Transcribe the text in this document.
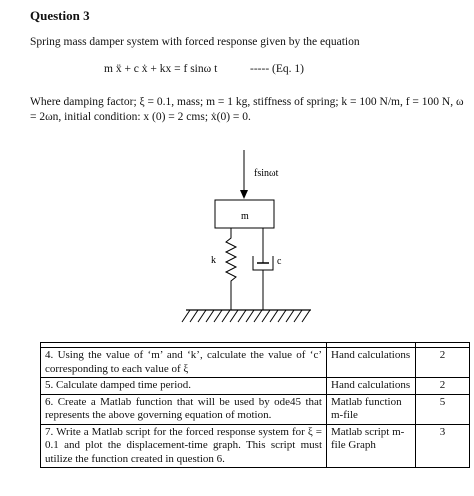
Question 3
Spring mass damper system with forced response given by the equation
m ẍ + c ẋ + kx = f sinω t	----- (Eq. 1)
Where damping factor; ξ = 0.1, mass; m = 1 kg, stiffness of spring; k = 100 N/m, f = 100 N, ω
= 2ωn, initial condition: x (0) = 2 cms; ẋ(0) = 0.
fsinωt
m
k	c

4. Using the value of ‘m’ and ‘k’, calculate the value of ‘c’ corresponding to each value of ξ	Hand calculations	2
5. Calculate damped time period.	Hand calculations	2
6. Create a Matlab function that will be used by ode45 that represents the above governing equation of motion.	Matlab function m-file	5
7. Write a Matlab script for the forced response system for ξ = 0.1 and plot the displacement-time graph. This script must utilize the function created in question 6.	Matlab script m-file Graph	3
